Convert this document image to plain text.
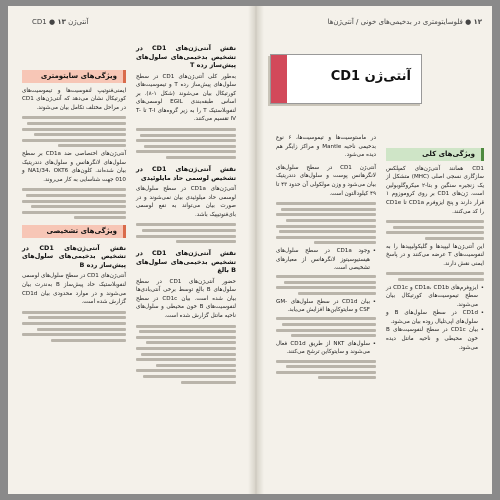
آنتی‌ژن CD1 ● ۱۳
نقش آنتی‌ژن‌های CD1 در تشخیص بدخیمی‌های سلول‌های پیش‌ساز رده T

به‌طور کلی آنتی‌ژن‌های CD1 در سطح سلول‌های پیش‌ساز رده T و تیموسیت‌های کورتیکال بیان می‌شوند (شکل ۱-۸). بر اساس طبقه‌بندی EGIL لوسمی‌های لنفوبلاستیک T را به زیر گروه‌های T-I تا T-IV تقسیم می‌کنند.

نقش آنتی‌ژن‌های CD1 در تشخیص لوسمی حاد مایلوئیدی

آنتی‌ژن‌های CD1a در سطح سلول‌های لوسمی حاد میلوئیدی بیان نمی‌شوند و در صورت بیان می‌تواند به نفع لوسمی بای‌فنوتیپیک باشد.

نقش آنتی‌ژن‌های CD1 در تشخیص بدخیمی‌های سلول‌های B بالغ

حضور آنتی‌ژن‌های CD1 در سطح سلول‌های B بالغ توسط برخی آنتی‌بادی‌ها بیان شده است. بیان CD1c در سطح لنفوسیت‌های B خون محیطی و سلول‌های ناحیه مانتل گزارش شده است.

ویژگی‌های سایتومتری

ایمنی‌فنوتیپ لنفوسیت‌ها و تیموسیت‌های کورتیکال نشان می‌دهد که آنتی‌ژن‌های CD1 در مراحل مختلف تکامل بیان می‌شوند.

آنتی‌ژن‌های اختصاصی ضد CD1a بر سطح سلول‌های لانگرهانس و سلول‌های دندریتیک بیان شده‌اند. کلون‌های NA1/34، OKT6 و 010 جهت شناسایی به کار می‌روند.

ویژگی‌های تشخیصی
نقش آنتی‌ژن‌های CD1 در تشخیص بدخیمی‌های سلول‌های پیش‌ساز رده B

آنتی‌ژن‌های CD1 در سطح سلول‌های لوسمی لنفوبلاستیک حاد پیش‌ساز B به‌ندرت بیان می‌شوند و در موارد محدودی بیان CD1d گزارش شده است.

۱۲ ● فلوسایتومتری در بدخیمی‌های خونی / آنتی‌ژن‌ها
آنتی‌ژن CD1
ویژگی‌های کلی

CD1 همانند آنتی‌ژن‌های کمپلکس سازگاری نسجی اصلی (MHC) متشکل از یک زنجیره سنگین و بتا-۲ میکروگلوبولین است. ژن‌های CD1 بر روی کروموزوم ۱ قرار دارند و پنج ایزوفرم CD1a تا CD1e را کد می‌کنند.

این آنتی‌ژن‌ها لیپیدها و گلیکولیپیدها را به لنفوسیت‌های T عرضه می‌کنند و در پاسخ ایمنی نقش دارند.

• ایزوفرم‌های CD1a، CD1b و CD1c در سطح تیموسیت‌های کورتیکال بیان می‌شوند.
• CD1d در سطح سلول‌های B و سلول‌های اپی‌تلیال روده بیان می‌شود.
• بیان CD1c در سطح لنفوسیت‌های B خون محیطی و ناحیه مانتل دیده می‌شود.

در ماستوسیت‌ها و تیموسیت‌ها، ۶ نوع بدخیمی ناحیه Mantle و مراکز زایگر هم دیده می‌شود.

آنتی‌ژن CD1 در سطح سلول‌های لانگرهانس پوست و سلول‌های دندریتیک بیان می‌شود و وزن مولکولی آن حدود ۴۳ تا ۴۹ کیلودالتون است.

• وجود CD1a در سطح سلول‌های هیستیوسیتوز لانگرهانس از معیارهای تشخیصی است.
• بیان CD1d در سطح سلول‌های GM-CSF و سایتوکاین‌ها افزایش می‌یابد.
• سلول‌های NKT از طریق CD1d فعال می‌شوند و سایتوکاین ترشح می‌کنند.
